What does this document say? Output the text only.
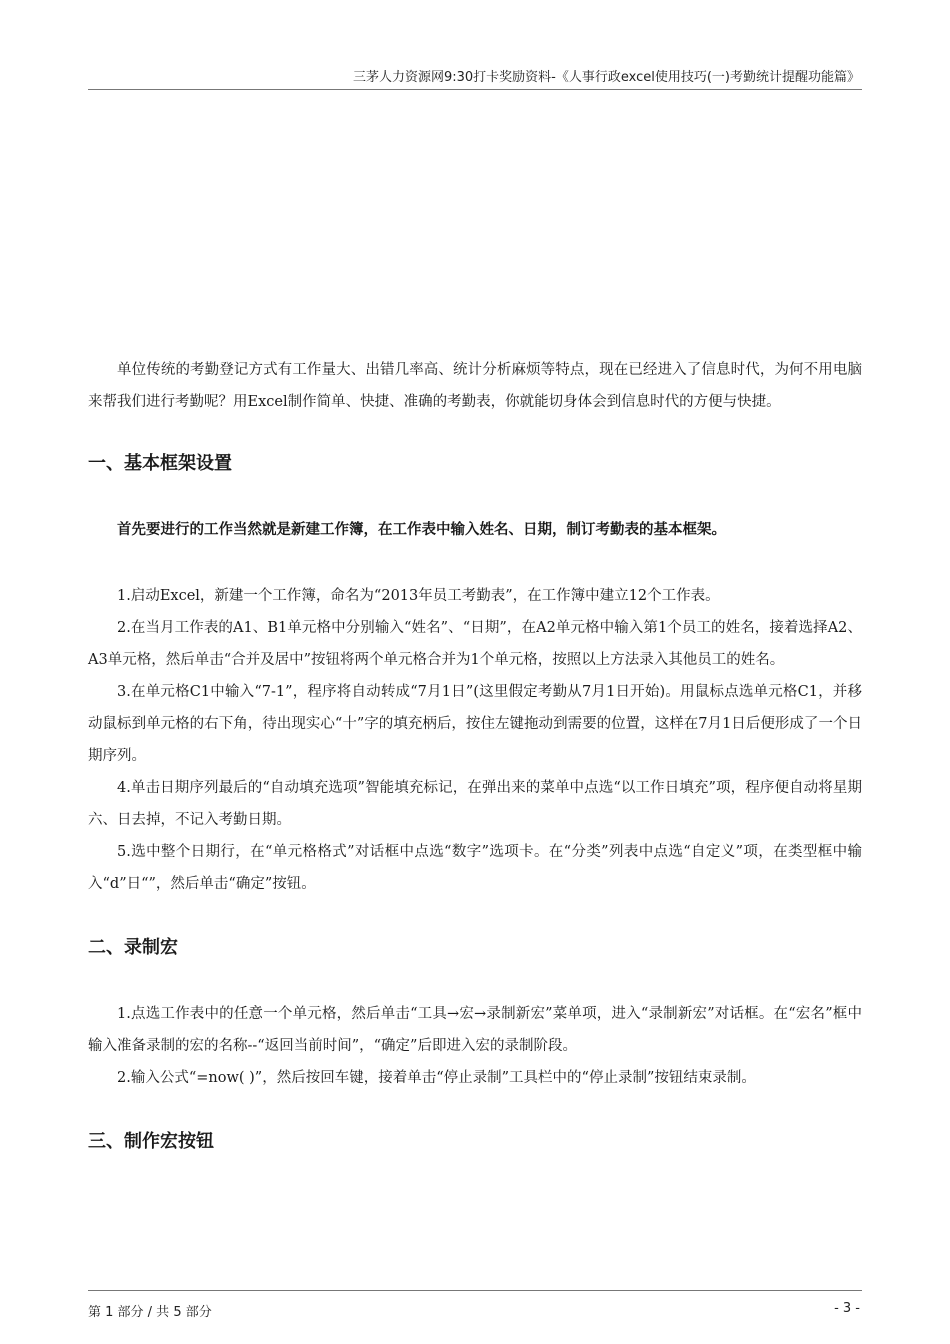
三茅人力资源网9:30打卡奖励资料-《人事行政excel使用技巧(一)考勤统计提醒功能篇》

单位传统的考勤登记方式有工作量大、出错几率高、统计分析麻烦等特点，现在已经进入了信息时代，为何不用电脑来帮我们进行考勤呢？用Excel制作简单、快捷、准确的考勤表，你就能切身体会到信息时代的方便与快捷。

一、基本框架设置

首先要进行的工作当然就是新建工作簿，在工作表中输入姓名、日期，制订考勤表的基本框架。

1.启动Excel，新建一个工作簿，命名为“2013年员工考勤表”，在工作簿中建立12个工作表。

2.在当月工作表的A1、B1单元格中分别输入“姓名”、“日期”，在A2单元格中输入第1个员工的姓名，接着选择A2、A3单元格，然后单击“合并及居中”按钮将两个单元格合并为1个单元格，按照以上方法录入其他员工的姓名。

3.在单元格C1中输入“7-1”，程序将自动转成“7月1日”(这里假定考勤从7月1日开始)。用鼠标点选单元格C1，并移动鼠标到单元格的右下角，待出现实心“十”字的填充柄后，按住左键拖动到需要的位置，这样在7月1日后便形成了一个日期序列。

4.单击日期序列最后的“自动填充选项”智能填充标记，在弹出来的菜单中点选“以工作日填充”项，程序便自动将星期六、日去掉，不记入考勤日期。

5.选中整个日期行，在“单元格格式”对话框中点选“数字”选项卡。在“分类”列表中点选“自定义”项，在类型框中输入“d”日“”，然后单击“确定”按钮。

二、录制宏

1.点选工作表中的任意一个单元格，然后单击“工具→宏→录制新宏”菜单项，进入“录制新宏”对话框。在“宏名”框中输入准备录制的宏的名称--“返回当前时间”，“确定”后即进入宏的录制阶段。

2.输入公式“=now( )”，然后按回车键，接着单击“停止录制”工具栏中的“停止录制”按钮结束录制。

三、制作宏按钮
第 1 部分 / 共 5 部分	- 3 -
